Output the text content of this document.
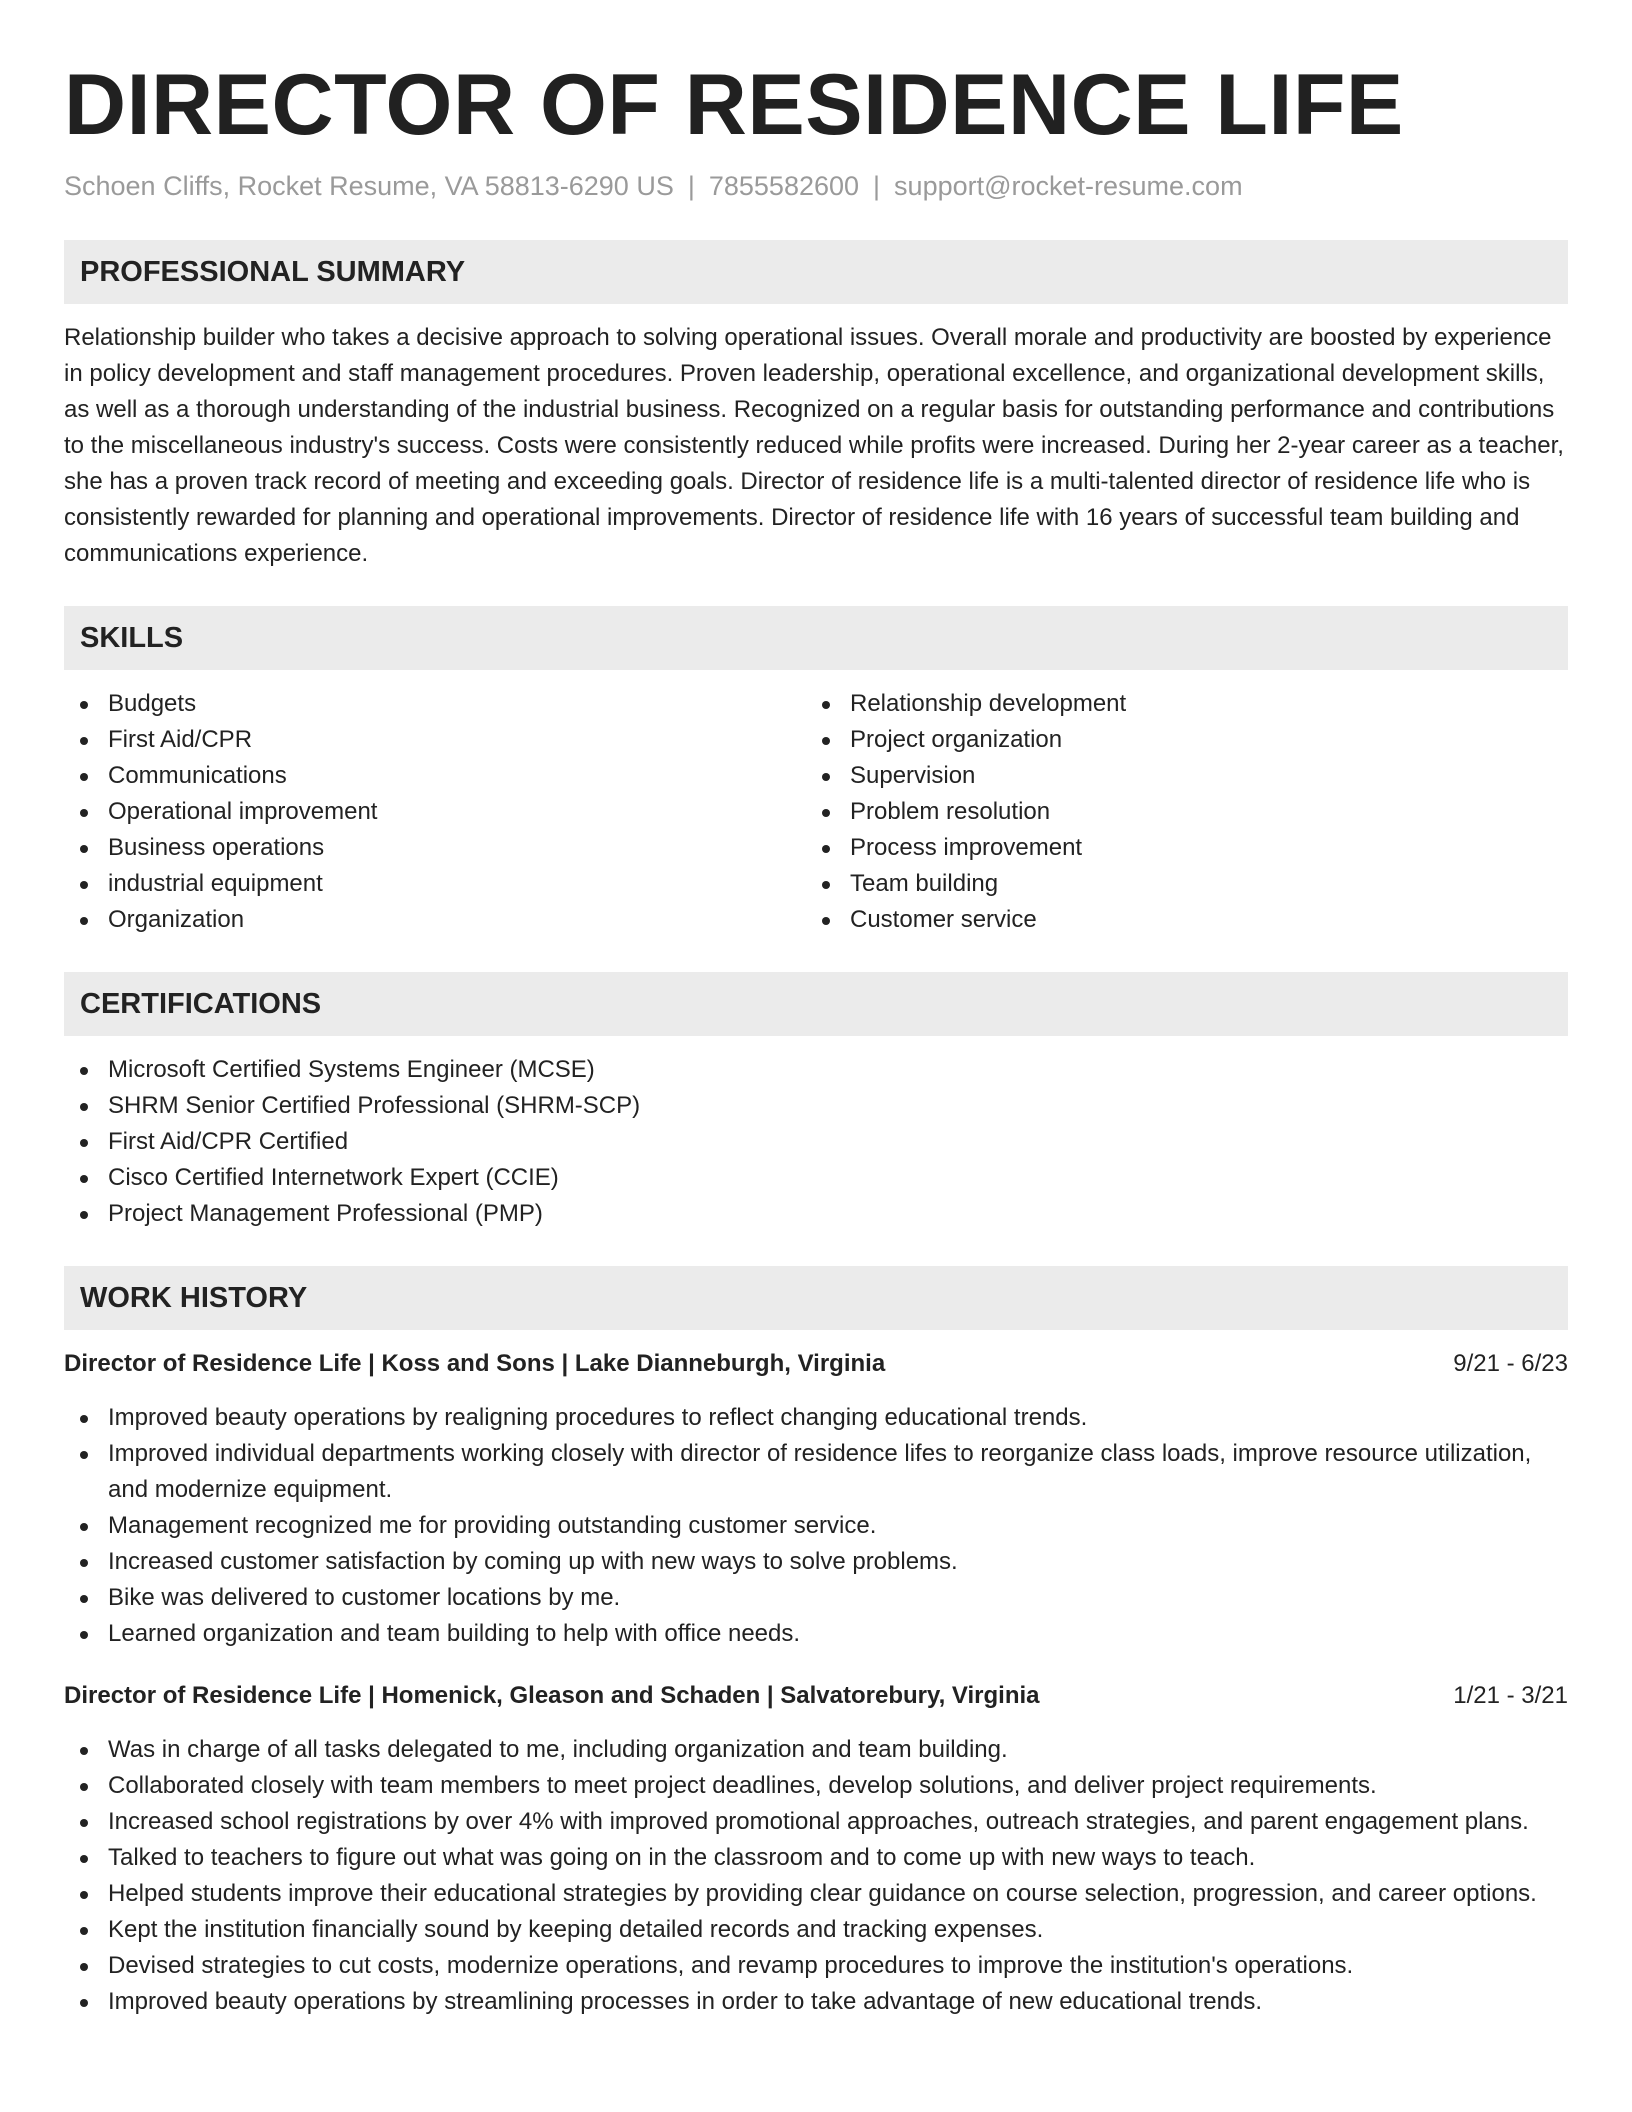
DIRECTOR OF RESIDENCE LIFE
Schoen Cliffs, Rocket Resume, VA 58813-6290 US | 7855582600 | support@rocket-resume.com
PROFESSIONAL SUMMARY

Relationship builder who takes a decisive approach to solving operational issues. Overall morale and productivity are boosted by experience in policy development and staff management procedures. Proven leadership, operational excellence, and organizational development skills, as well as a thorough understanding of the industrial business. Recognized on a regular basis for outstanding performance and contributions to the miscellaneous industry's success. Costs were consistently reduced while profits were increased. During her 2-year career as a teacher, she has a proven track record of meeting and exceeding goals. Director of residence life is a multi-talented director of residence life who is consistently rewarded for planning and operational improvements. Director of residence life with 16 years of successful team building and communications experience.

SKILLS
Budgets
First Aid/CPR
Communications
Operational improvement
Business operations
industrial equipment
Organization
Relationship development
Project organization
Supervision
Problem resolution
Process improvement
Team building
Customer service
CERTIFICATIONS
Microsoft Certified Systems Engineer (MCSE)
SHRM Senior Certified Professional (SHRM-SCP)
First Aid/CPR Certified
Cisco Certified Internetwork Expert (CCIE)
Project Management Professional (PMP)
WORK HISTORY
Director of Residence Life | Koss and Sons | Lake Dianneburgh, Virginia	9/21 - 6/23
Improved beauty operations by realigning procedures to reflect changing educational trends.
Improved individual departments working closely with director of residence lifes to reorganize class loads, improve resource utilization, and modernize equipment.
Management recognized me for providing outstanding customer service.
Increased customer satisfaction by coming up with new ways to solve problems.
Bike was delivered to customer locations by me.
Learned organization and team building to help with office needs.
Director of Residence Life | Homenick, Gleason and Schaden | Salvatorebury, Virginia	1/21 - 3/21
Was in charge of all tasks delegated to me, including organization and team building.
Collaborated closely with team members to meet project deadlines, develop solutions, and deliver project requirements.
Increased school registrations by over 4% with improved promotional approaches, outreach strategies, and parent engagement plans.
Talked to teachers to figure out what was going on in the classroom and to come up with new ways to teach.
Helped students improve their educational strategies by providing clear guidance on course selection, progression, and career options.
Kept the institution financially sound by keeping detailed records and tracking expenses.
Devised strategies to cut costs, modernize operations, and revamp procedures to improve the institution's operations.
Improved beauty operations by streamlining processes in order to take advantage of new educational trends.
